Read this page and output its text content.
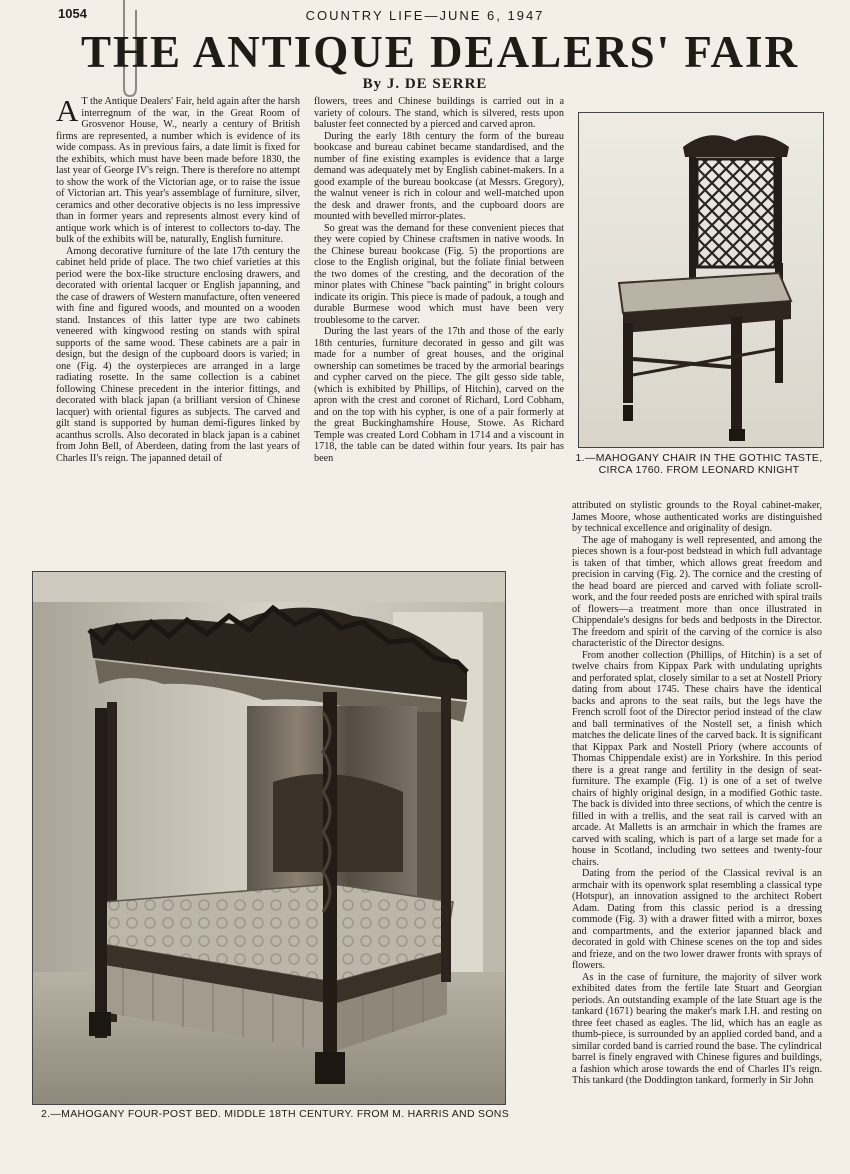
1054	COUNTRY LIFE—JUNE 6, 1947
THE ANTIQUE DEALERS' FAIR
By J. DE SERRE

A T the Antique Dealers' Fair, held again after the harsh interregnum of the war, in the Great Room of Grosvenor House, W., nearly a century of British firms are represented, a number which is evidence of its wide compass. As in previous fairs, a date limit is fixed for the exhibits, which must have been made before 1830, the last year of George IV's reign. There is therefore no attempt to show the work of the Victorian age, or to raise the issue of Victorian art. This year's assemblage of furniture, silver, ceramics and other decorative objects is no less impressive than in former years and represents almost every kind of antique work which is of interest to collectors to-day. The bulk of the exhibits will be, naturally, English furniture.

Among decorative furniture of the late 17th century the cabinet held pride of place. The two chief varieties at this period were the box-like structure enclosing drawers, and decorated with oriental lacquer or English japanning, and the case of drawers of Western manufacture, often veneered with fine and figured woods, and mounted on a wooden stand. Instances of this latter type are two cabinets veneered with kingwood resting on stands with spiral supports of the same wood. These cabinets are a pair in design, but the design of the cupboard doors is varied; in one (Fig. 4) the oysterpieces are arranged in a large radiating rosette. In the same collection is a cabinet following Chinese precedent in the interior fittings, and decorated with black japan (a brilliant version of Chinese lacquer) with oriental figures as subjects. The carved and gilt stand is supported by human demi-figures linked by acanthus scrolls. Also decorated in black japan is a cabinet from John Bell, of Aberdeen, dating from the last years of Charles II's reign. The japanned detail of

flowers, trees and Chinese buildings is carried out in a variety of colours. The stand, which is silvered, rests upon baluster feet connected by a pierced and carved apron.

During the early 18th century the form of the bureau bookcase and bureau cabinet became standardised, and the number of fine existing examples is evidence that a large demand was adequately met by English cabinet-makers. In a good example of the bureau bookcase (at Messrs. Gregory), the walnut veneer is rich in colour and well-matched upon the desk and drawer fronts, and the cupboard doors are mounted with bevelled mirror-plates.

So great was the demand for these convenient pieces that they were copied by Chinese craftsmen in native woods. In the Chinese bureau bookcase (Fig. 5) the proportions are close to the English original, but the foliate finial between the two domes of the cresting, and the decoration of the minor plates with Chinese "back painting" in bright colours indicate its origin. This piece is made of padouk, a tough and durable Burmese wood which must have been very troublesome to the carver.

During the last years of the 17th and those of the early 18th centuries, furniture decorated in gesso and gilt was made for a number of great houses, and the original ownership can sometimes be traced by the armorial bearings and cypher carved on the piece. The gilt gesso side table, (which is exhibited by Phillips, of Hitchin), carved on the apron with the crest and coronet of Richard, Lord Cobham, and on the top with his cypher, is one of a pair formerly at the great Buckinghamshire House, Stowe. As Richard Temple was created Lord Cobham in 1714 and a viscount in 1718, the table can be dated within four years. Its pair has been	1.—MAHOGANY CHAIR IN THE GOTHIC TASTE, CIRCA 1760. FROM LEONARD KNIGHT

attributed on stylistic grounds to the Royal cabinet-maker, James Moore, whose authenticated works are distinguished by technical excellence and originality of design.

The age of mahogany is well represented, and among the pieces shown is a four-post bedstead in which full advantage is taken of that timber, which allows great freedom and precision in carving (Fig. 2). The cornice and the cresting of the head board are pierced and carved with foliate scroll-work, and the four reeded posts are enriched with spiral trails of flowers—a treatment more than once illustrated in Chippendale's designs for beds and bedposts in the Director. The freedom and spirit of the carving of the cornice is also characteristic of the Director designs.

From another collection (Phillips, of Hitchin) is a set of twelve chairs from Kippax Park with undulating uprights and perforated splat, closely similar to a set at Nostell Priory dating from about 1745. These chairs have the identical backs and aprons to the seat rails, but the legs have the French scroll foot of the Director period instead of the claw and ball terminatives of the Nostell set, a finish which matches the delicate lines of the carved back. It is significant that Kippax Park and Nostell Priory (where accounts of Thomas Chippendale exist) are in Yorkshire. In this period there is a great range and fertility in the design of seat-furniture. The example (Fig. 1) is one of a set of twelve chairs of highly original design, in a modified Gothic taste. The back is divided into three sections, of which the centre is filled in with a trellis, and the seat rail is carved with an arcade. At Malletts is an armchair in which the frames are carved with scaling, which is part of a large set made for a house in Scotland, including two settees and twenty-four chairs.

Dating from the period of the Classical revival is an armchair with its openwork splat resembling a classical type (Hotspur), an innovation assigned to the architect Robert Adam. Dating from this classic period is a dressing commode (Fig. 3) with a drawer fitted with a mirror, boxes and compartments, and the exterior japanned black and decorated in gold with Chinese scenes on the top and sides and frieze, and on the two lower drawer fronts with sprays of flowers.

As in the case of furniture, the majority of silver work exhibited dates from the fertile late Stuart and Georgian periods. An outstanding example of the late Stuart age is the tankard (1671) bearing the maker's mark I.H. and resting on three feet chased as eagles. The lid, which has an eagle as thumb-piece, is surrounded by an applied corded band, and a similar corded band is carried round the base. The cylindrical barrel is finely engraved with Chinese figures and buildings, a fashion which arose towards the end of Charles II's reign. This tankard (the Doddington tankard, formerly in Sir John

2.—MAHOGANY FOUR-POST BED. MIDDLE 18TH CENTURY. FROM M. HARRIS AND SONS
